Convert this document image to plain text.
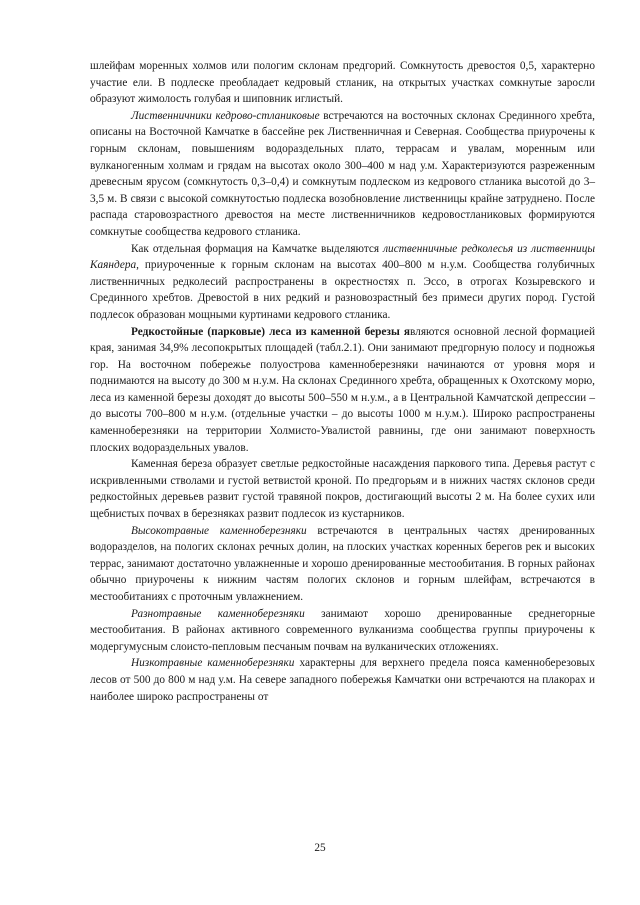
шлейфам моренных холмов или пологим склонам предгорий. Сомкнутость древостоя 0,5, характерно участие ели. В подлеске преобладает кедровый стланик, на открытых участках сомкнутые заросли образуют жимолость голубая и шиповник иглистый.

Лиственничники кедрово-стланиковые встречаются на восточных склонах Срединного хребта, описаны на Восточной Камчатке в бассейне рек Лиственничная и Северная. Сообщества приурочены к горным склонам, повышениям водораздельных плато, террасам и увалам, моренным или вулканогенным холмам и грядам на высотах около 300–400 м над у.м. Характеризуются разреженным древесным ярусом (сомкнутость 0,3–0,4) и сомкнутым подлеском из кедрового стланика высотой до 3–3,5 м. В связи с высокой сомкнутостью подлеска возобновление лиственницы крайне затруднено. После распада старовозрастного древостоя на месте лиственничников кедровостланиковых формируются сомкнутые сообщества кедрового стланика.

Как отдельная формация на Камчатке выделяются лиственничные редколесья из лиственницы Каяндера, приуроченные к горным склонам на высотах 400–800 м н.у.м. Сообщества голубичных лиственничных редколесий распространены в окрестностях п. Эссо, в отрогах Козыревского и Срединного хребтов. Древостой в них редкий и разновозрастный без примеси других пород. Густой подлесок образован мощными куртинами кедрового стланика.

Редкостойные (парковые) леса из каменной березы являются основной лесной формацией края, занимая 34,9% лесопокрытых площадей (табл.2.1). Они занимают предгорную полосу и подножья гор. На восточном побережье полуострова каменноберезняки начинаются от уровня моря и поднимаются на высоту до 300 м н.у.м. На склонах Срединного хребта, обращенных к Охотскому морю, леса из каменной березы доходят до высоты 500–550 м н.у.м., а в Центральной Камчатской депрессии – до высоты 700–800 м н.у.м. (отдельные участки – до высоты 1000 м н.у.м.). Широко распространены каменноберезняки на территории Холмисто-Увалистой равнины, где они занимают поверхность плоских водораздельных увалов.

Каменная береза образует светлые редкостойные насаждения паркового типа. Деревья растут с искривленными стволами и густой ветвистой кроной. По предгорьям и в нижних частях склонов среди редкостойных деревьев развит густой травяной покров, достигающий высоты 2 м. На более сухих или щебнистых почвах в березняках развит подлесок из кустарников.

Высокотравные каменноберезняки встречаются в центральных частях дренированных водоразделов, на пологих склонах речных долин, на плоских участках коренных берегов рек и высоких террас, занимают достаточно увлажненные и хорошо дренированные местообитания. В горных районах обычно приурочены к нижним частям пологих склонов и горным шлейфам, встречаются в местообитаниях с проточным увлажнением.

Разнотравные каменноберезняки занимают хорошо дренированные среднегорные местообитания. В районах активного современного вулканизма сообщества группы приурочены к модергумусным слоисто-пепловым песчаным почвам на вулканических отложениях.

Низкотравные каменноберезняки характерны для верхнего предела пояса каменноберезовых лесов от 500 до 800 м над у.м. На севере западного побережья Камчатки они встречаются на плакорах и наиболее широко распространены от

25
